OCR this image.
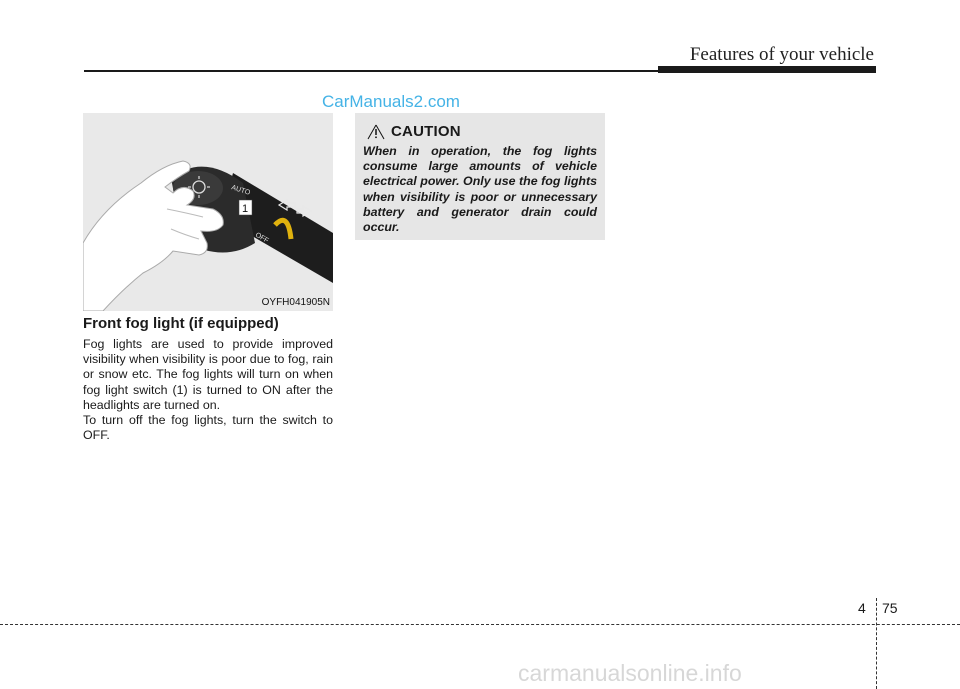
Features of your vehicle
CarManuals2.com
AUTO
OFF
1
OYFH041905N
Front fog light (if equipped)

Fog lights are used to provide improved visibility when visibility is poor due to fog, rain or snow etc. The fog lights will turn on when fog light switch (1) is turned to ON after the headlights are turned on.

To turn off the fog lights, turn the switch to OFF.

CAUTION
When in operation, the fog lights consume large amounts of vehicle electrical power. Only use the fog lights when visibility is poor or unnecessary battery and generator drain could occur.
4 75
carmanualsonline.info
